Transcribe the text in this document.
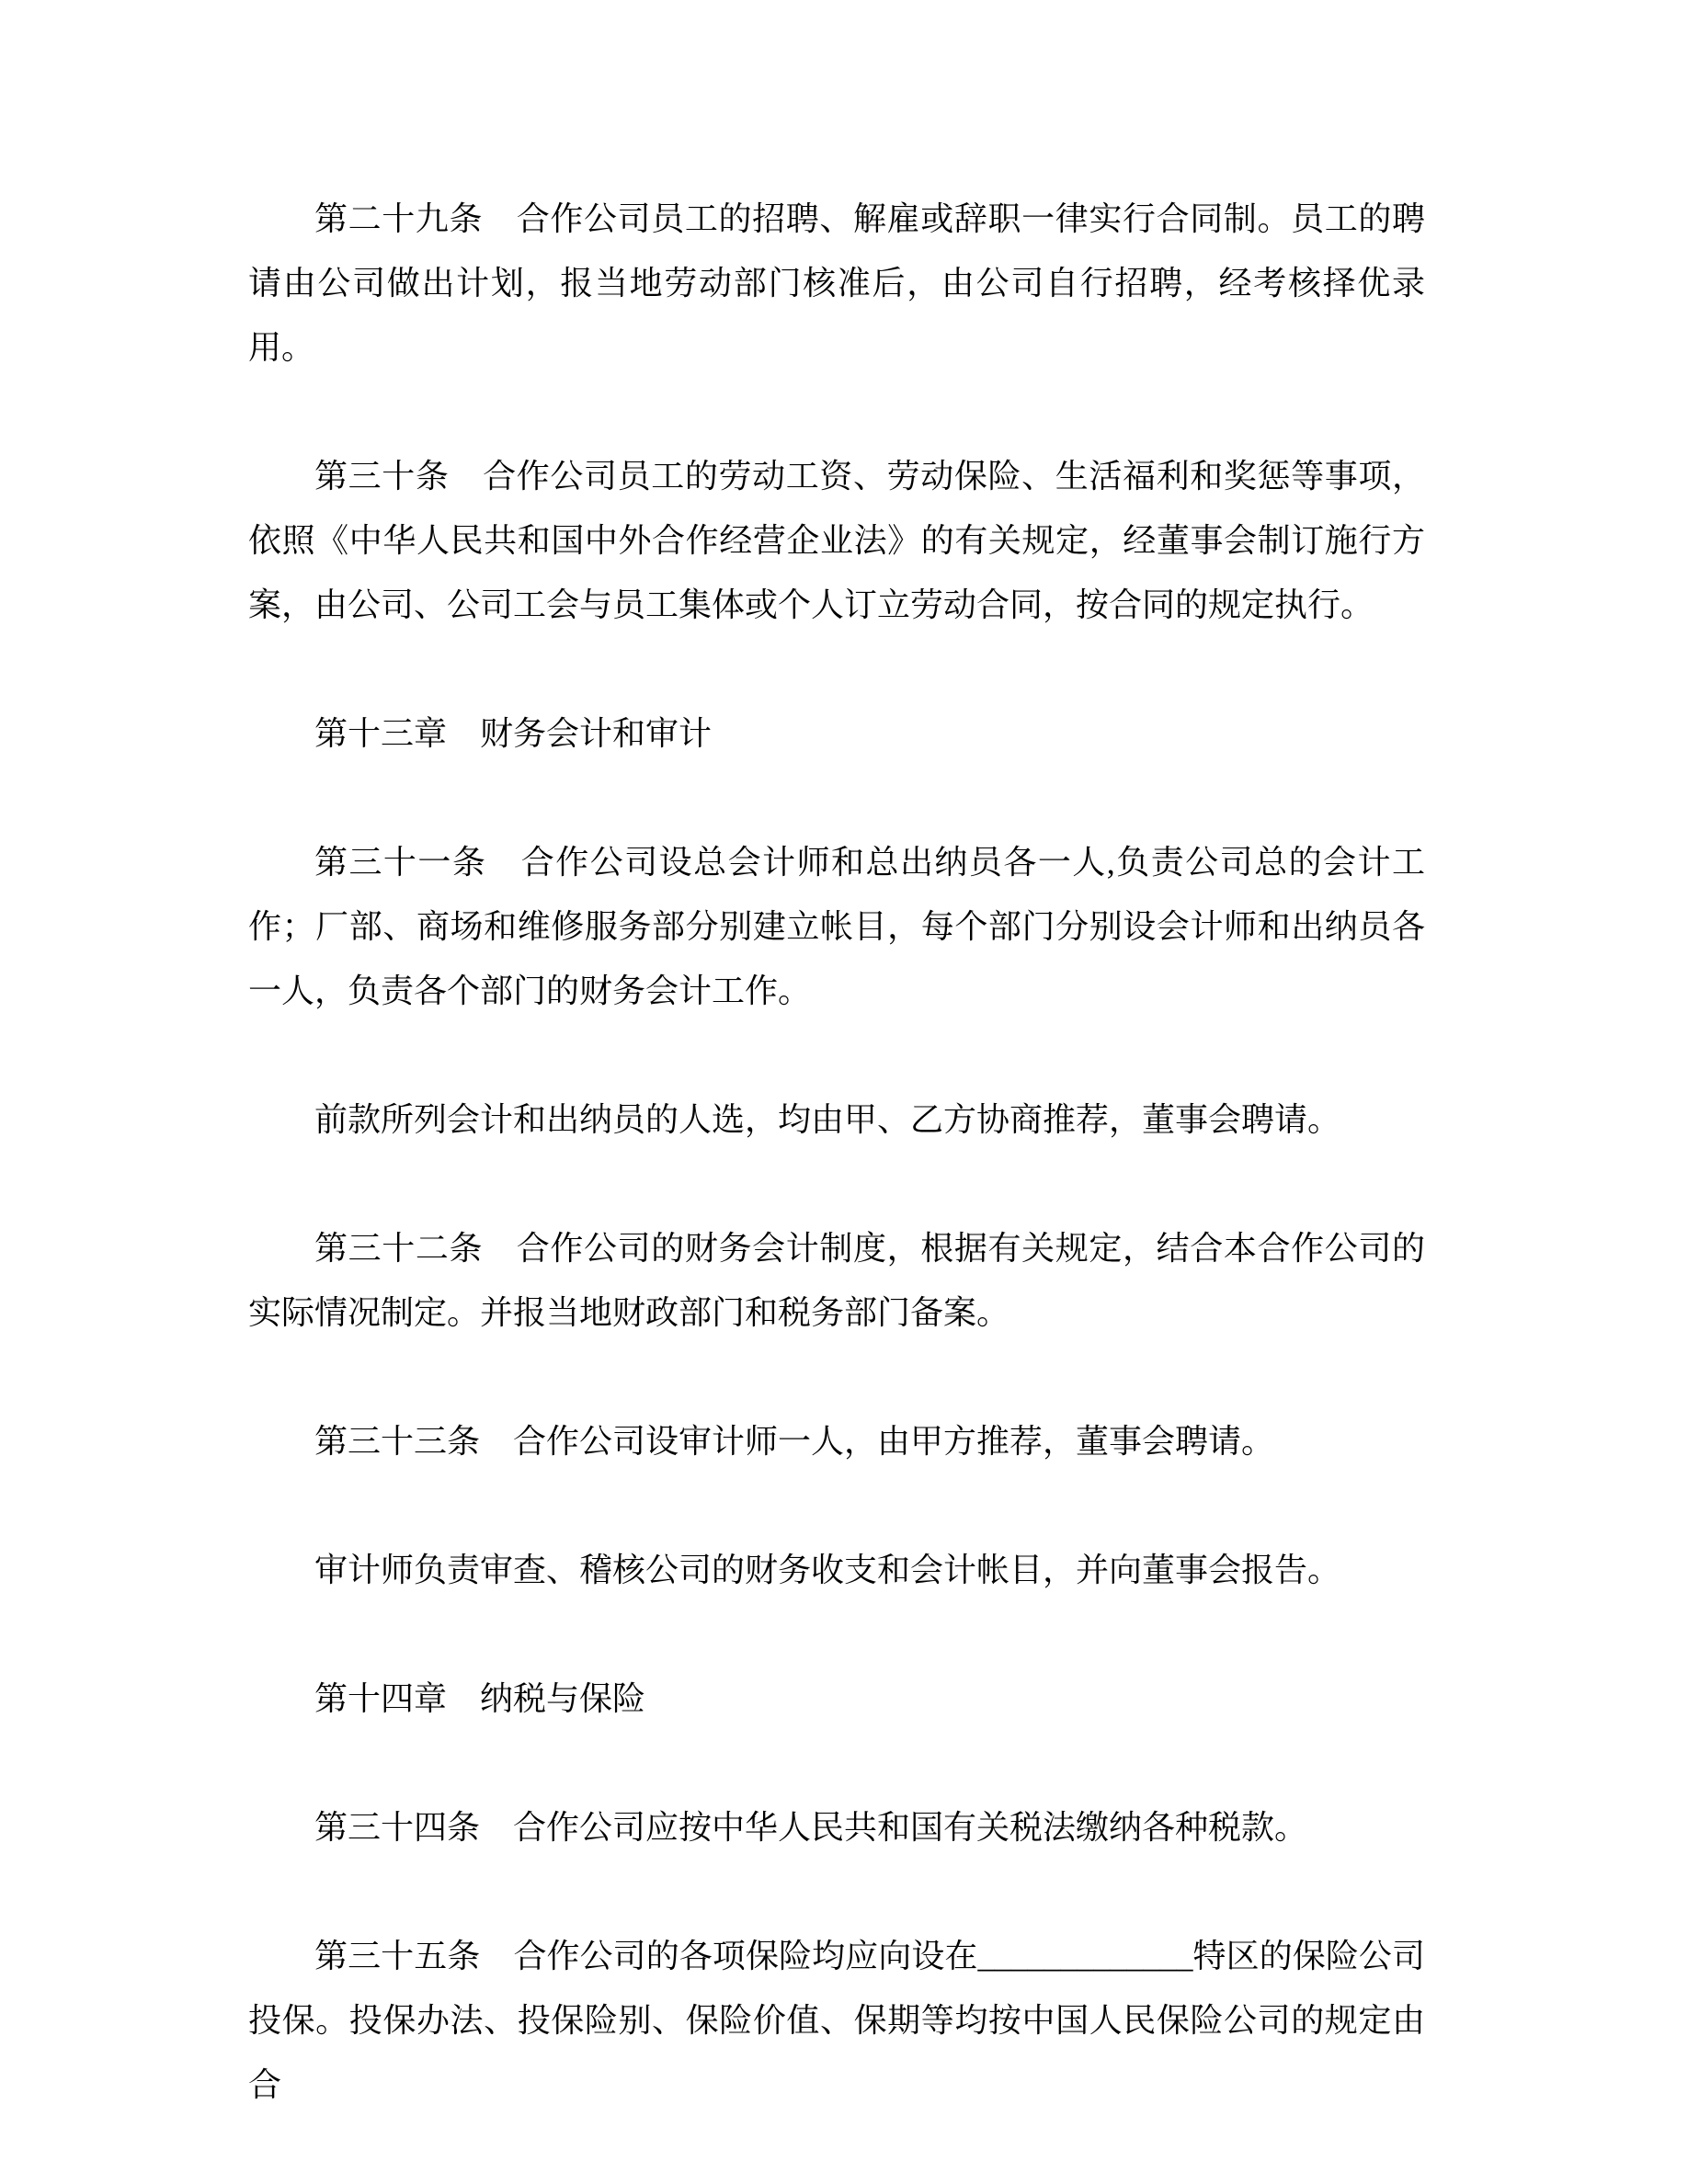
第二十九条　合作公司员工的招聘、解雇或辞职一律实行合同制。员工的聘请由公司做出计划，报当地劳动部门核准后，由公司自行招聘，经考核择优录用。

第三十条　合作公司员工的劳动工资、劳动保险、生活福利和奖惩等事项，依照《中华人民共和国中外合作经营企业法》的有关规定，经董事会制订施行方案，由公司、公司工会与员工集体或个人订立劳动合同，按合同的规定执行。

第十三章　财务会计和审计

第三十一条　合作公司设总会计师和总出纳员各一人,负责公司总的会计工作；厂部、商场和维修服务部分别建立帐目，每个部门分别设会计师和出纳员各一人，负责各个部门的财务会计工作。

前款所列会计和出纳员的人选，均由甲、乙方协商推荐，董事会聘请。

第三十二条　合作公司的财务会计制度，根据有关规定，结合本合作公司的实际情况制定。并报当地财政部门和税务部门备案。

第三十三条　合作公司设审计师一人，由甲方推荐，董事会聘请。

审计师负责审查、稽核公司的财务收支和会计帐目，并向董事会报告。

第十四章　纳税与保险

第三十四条　合作公司应按中华人民共和国有关税法缴纳各种税款。

第三十五条　合作公司的各项保险均应向设在_____________特区的保险公司投保。投保办法、投保险别、保险价值、保期等均按中国人民保险公司的规定由合
